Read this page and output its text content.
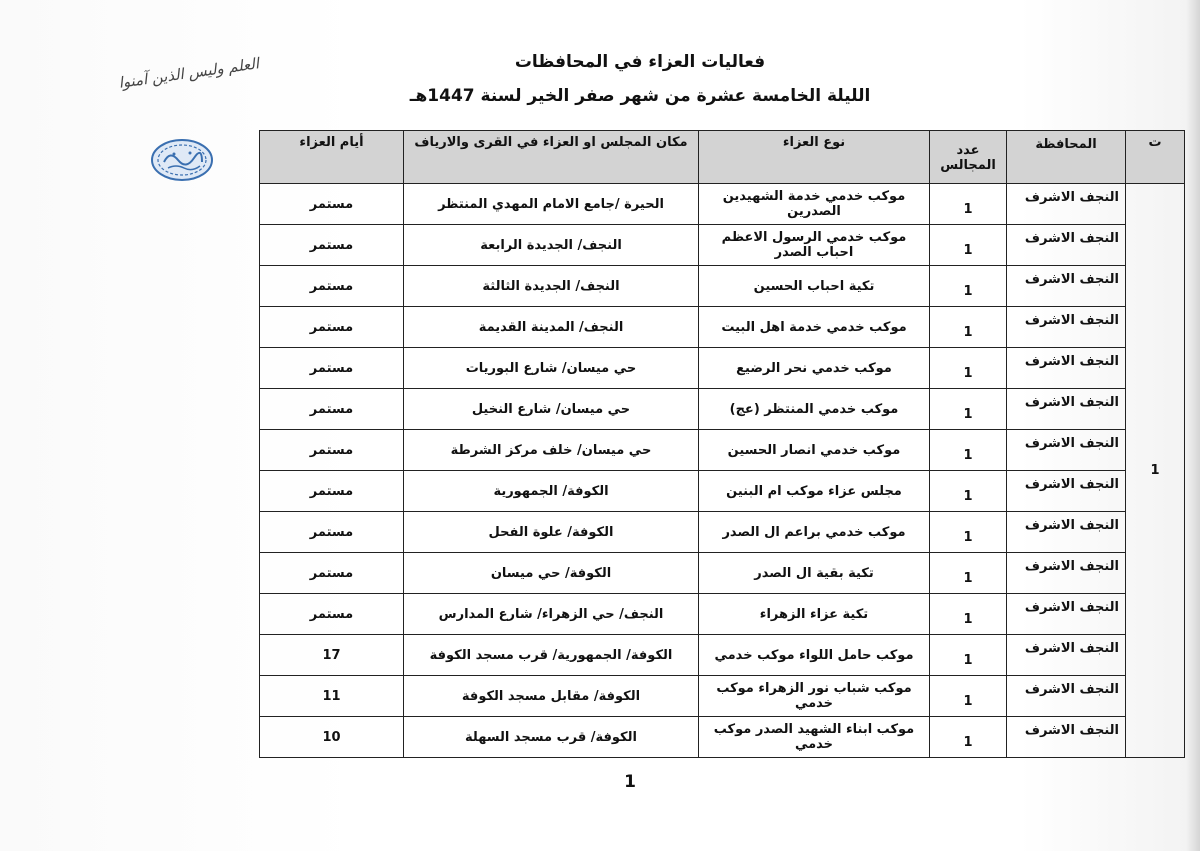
العلم وليس الذين آمنوا	فعاليات العزاء في المحافظات
الليلة الخامسة عشرة من شهر صفر الخير لسنة 1447هـ
ت	المحافظة	عدد المجالس	نوع العزاء	مكان المجلس او العزاء في القرى والارياف	أيام العزاء
1	النجف الاشرف	1	موكب خدمي خدمة الشهيدين الصدرين	الحيرة /جامع الامام المهدي المنتظر	مستمر
	النجف الاشرف	1	موكب خدمي الرسول الاعظم احباب الصدر	النجف/ الجديدة الرابعة	مستمر
	النجف الاشرف	1	تكية احباب الحسين	النجف/ الجديدة الثالثة	مستمر
	النجف الاشرف	1	موكب خدمي خدمة اهل البيت	النجف/ المدينة القديمة	مستمر
	النجف الاشرف	1	موكب خدمي نحر الرضيع	حي ميسان/ شارع البوريات	مستمر
	النجف الاشرف	1	موكب خدمي المنتظر (عج)	حي ميسان/ شارع النخيل	مستمر
	النجف الاشرف	1	موكب خدمي انصار الحسين	حي ميسان/ خلف مركز الشرطة	مستمر
	النجف الاشرف	1	مجلس عزاء موكب ام البنين	الكوفة/ الجمهورية	مستمر
	النجف الاشرف	1	موكب خدمي براعم ال الصدر	الكوفة/ علوة الفحل	مستمر
	النجف الاشرف	1	تكية بقية ال الصدر	الكوفة/ حي ميسان	مستمر
	النجف الاشرف	1	تكية عزاء الزهراء	النجف/ حي الزهراء/ شارع المدارس	مستمر
	النجف الاشرف	1	موكب حامل اللواء موكب خدمي	الكوفة/ الجمهورية/ قرب مسجد الكوفة	17
	النجف الاشرف	1	موكب شباب نور الزهراء موكب خدمي	الكوفة/ مقابل مسجد الكوفة	11
	النجف الاشرف	1	موكب ابناء الشهيد الصدر موكب خدمي	الكوفة/ قرب مسجد السهلة	10
1
